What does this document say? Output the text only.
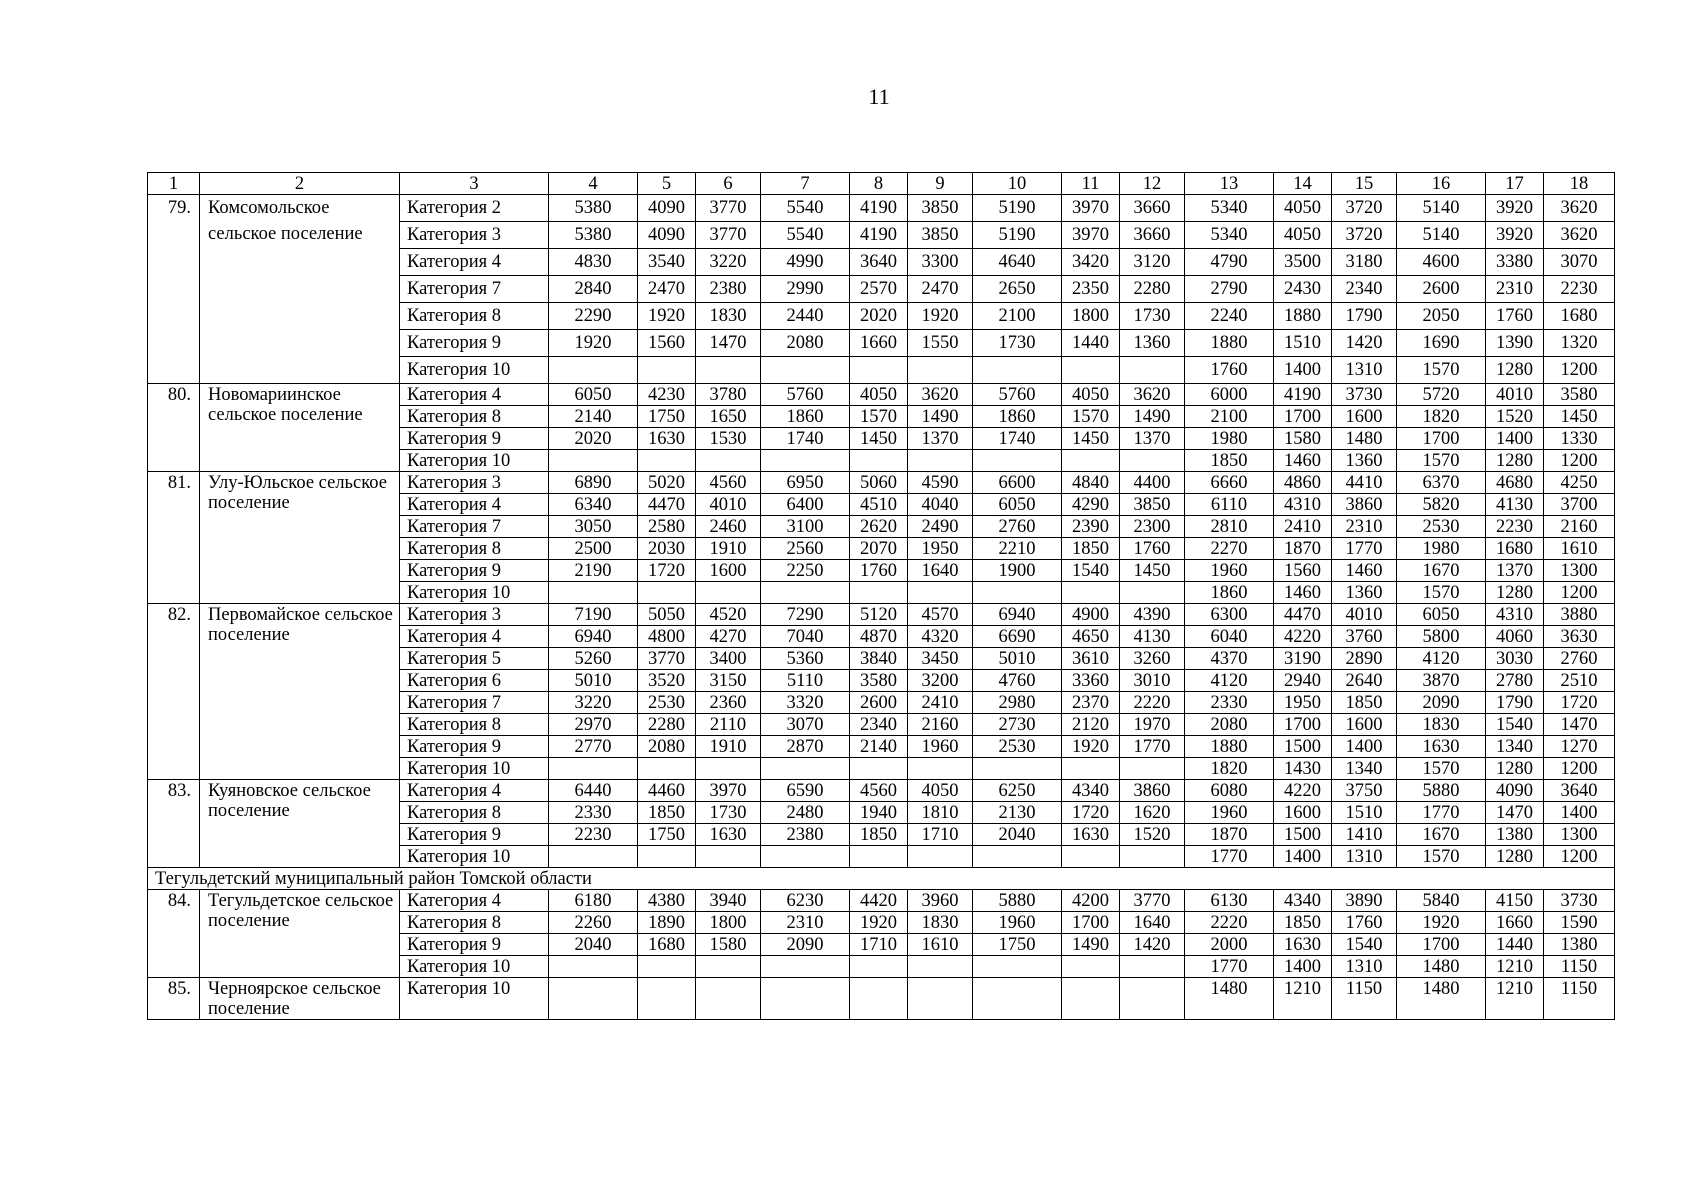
11
1	2	3	4	5	6	7	8	9	10	11	12	13	14	15	16	17	18
79.	Комсомольское сельское поселение	Категория 2	5380	4090	3770	5540	4190	3850	5190	3970	3660	5340	4050	3720	5140	3920	3620
		Категория 3	5380	4090	3770	5540	4190	3850	5190	3970	3660	5340	4050	3720	5140	3920	3620
		Категория 4	4830	3540	3220	4990	3640	3300	4640	3420	3120	4790	3500	3180	4600	3380	3070
		Категория 7	2840	2470	2380	2990	2570	2470	2650	2350	2280	2790	2430	2340	2600	2310	2230
		Категория 8	2290	1920	1830	2440	2020	1920	2100	1800	1730	2240	1880	1790	2050	1760	1680
		Категория 9	1920	1560	1470	2080	1660	1550	1730	1440	1360	1880	1510	1420	1690	1390	1320
		Категория 10										1760	1400	1310	1570	1280	1200
80.	Новомариинское сельское поселение	Категория 4	6050	4230	3780	5760	4050	3620	5760	4050	3620	6000	4190	3730	5720	4010	3580
		Категория 8	2140	1750	1650	1860	1570	1490	1860	1570	1490	2100	1700	1600	1820	1520	1450
		Категория 9	2020	1630	1530	1740	1450	1370	1740	1450	1370	1980	1580	1480	1700	1400	1330
		Категория 10										1850	1460	1360	1570	1280	1200
81.	Улу-Юльское сельское поселение	Категория 3	6890	5020	4560	6950	5060	4590	6600	4840	4400	6660	4860	4410	6370	4680	4250
		Категория 4	6340	4470	4010	6400	4510	4040	6050	4290	3850	6110	4310	3860	5820	4130	3700
		Категория 7	3050	2580	2460	3100	2620	2490	2760	2390	2300	2810	2410	2310	2530	2230	2160
		Категория 8	2500	2030	1910	2560	2070	1950	2210	1850	1760	2270	1870	1770	1980	1680	1610
		Категория 9	2190	1720	1600	2250	1760	1640	1900	1540	1450	1960	1560	1460	1670	1370	1300
		Категория 10										1860	1460	1360	1570	1280	1200
82.	Первомайское сельское поселение	Категория 3	7190	5050	4520	7290	5120	4570	6940	4900	4390	6300	4470	4010	6050	4310	3880
		Категория 4	6940	4800	4270	7040	4870	4320	6690	4650	4130	6040	4220	3760	5800	4060	3630
		Категория 5	5260	3770	3400	5360	3840	3450	5010	3610	3260	4370	3190	2890	4120	3030	2760
		Категория 6	5010	3520	3150	5110	3580	3200	4760	3360	3010	4120	2940	2640	3870	2780	2510
		Категория 7	3220	2530	2360	3320	2600	2410	2980	2370	2220	2330	1950	1850	2090	1790	1720
		Категория 8	2970	2280	2110	3070	2340	2160	2730	2120	1970	2080	1700	1600	1830	1540	1470
		Категория 9	2770	2080	1910	2870	2140	1960	2530	1920	1770	1880	1500	1400	1630	1340	1270
		Категория 10										1820	1430	1340	1570	1280	1200
83.	Куяновское сельское поселение	Категория 4	6440	4460	3970	6590	4560	4050	6250	4340	3860	6080	4220	3750	5880	4090	3640
		Категория 8	2330	1850	1730	2480	1940	1810	2130	1720	1620	1960	1600	1510	1770	1470	1400
		Категория 9	2230	1750	1630	2380	1850	1710	2040	1630	1520	1870	1500	1410	1670	1380	1300
		Категория 10										1770	1400	1310	1570	1280	1200
Тегульдетский муниципальный район Томской области																	
84.	Тегульдетское сельское поселение	Категория 4	6180	4380	3940	6230	4420	3960	5880	4200	3770	6130	4340	3890	5840	4150	3730
		Категория 8	2260	1890	1800	2310	1920	1830	1960	1700	1640	2220	1850	1760	1920	1660	1590
		Категория 9	2040	1680	1580	2090	1710	1610	1750	1490	1420	2000	1630	1540	1700	1440	1380
		Категория 10										1770	1400	1310	1480	1210	1150
85.	Черноярское сельское поселение	Категория 10										1480	1210	1150	1480	1210	1150
